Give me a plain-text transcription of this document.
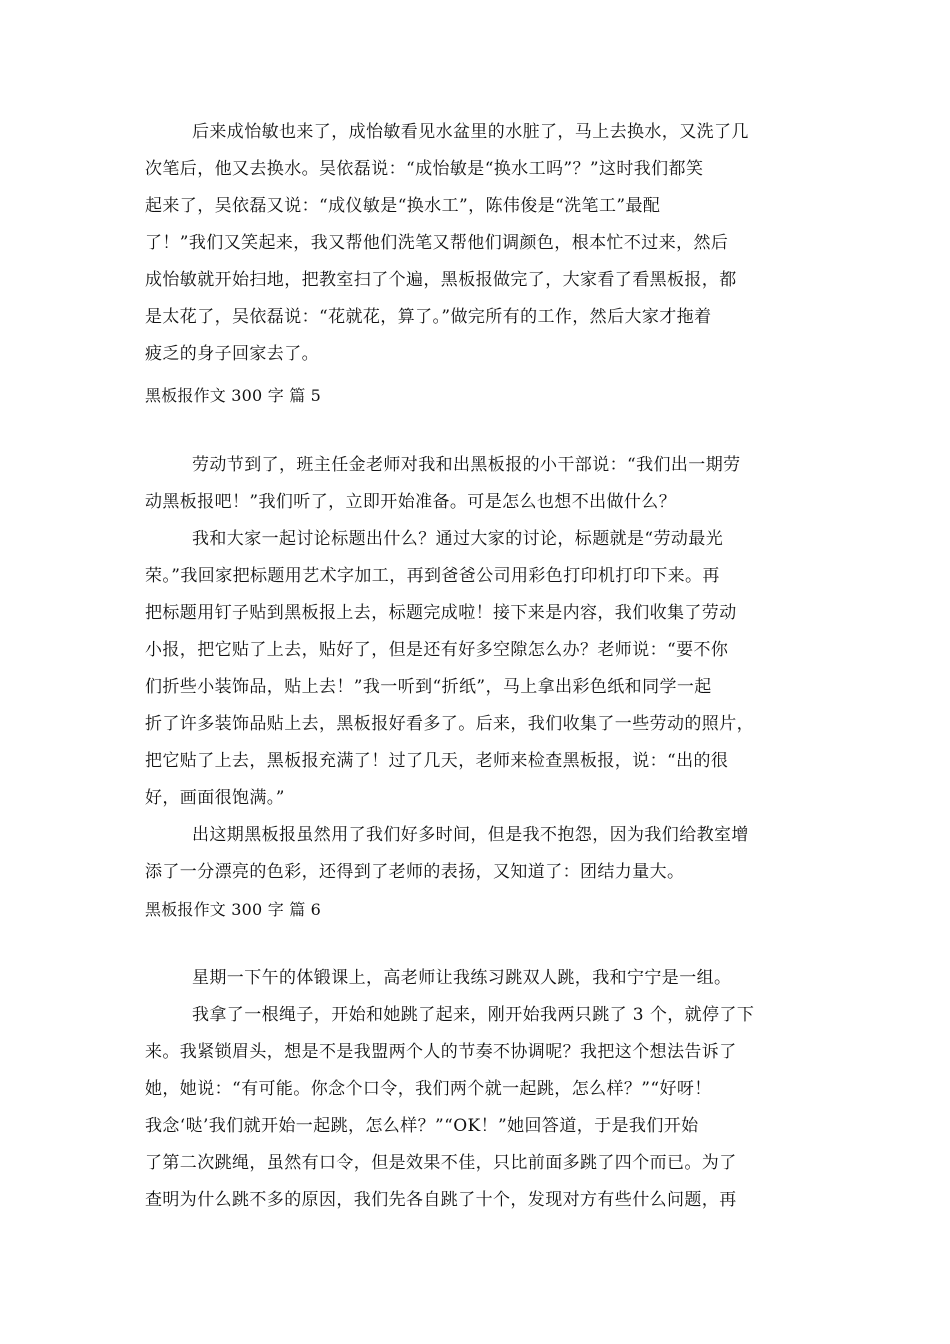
后来成怡敏也来了，成怡敏看见水盆里的水脏了，马上去换水，又洗了几
次笔后，他又去换水。吴依磊说：“成怡敏是“换水工吗”？”这时我们都笑
起来了，吴依磊又说：“成仪敏是“换水工”，陈伟俊是“洗笔工”最配
了！”我们又笑起来，我又帮他们洗笔又帮他们调颜色，根本忙不过来，然后
成怡敏就开始扫地，把教室扫了个遍，黑板报做完了，大家看了看黑板报，都
是太花了，吴依磊说：“花就花，算了。”做完所有的工作，然后大家才拖着
疲乏的身子回家去了。
黑板报作文 300 字 篇 5
劳动节到了，班主任金老师对我和出黑板报的小干部说：“我们出一期劳
动黑板报吧！”我们听了，立即开始准备。可是怎么也想不出做什么？
我和大家一起讨论标题出什么？通过大家的讨论，标题就是“劳动最光
荣。”我回家把标题用艺术字加工，再到爸爸公司用彩色打印机打印下来。再
把标题用钉子贴到黑板报上去，标题完成啦！接下来是内容，我们收集了劳动
小报，把它贴了上去，贴好了，但是还有好多空隙怎么办？老师说：“要不你
们折些小装饰品，贴上去！”我一听到“折纸”，马上拿出彩色纸和同学一起
折了许多装饰品贴上去，黑板报好看多了。后来，我们收集了一些劳动的照片，
把它贴了上去，黑板报充满了！过了几天，老师来检查黑板报，说：“出的很
好，画面很饱满。”
出这期黑板报虽然用了我们好多时间，但是我不抱怨，因为我们给教室增
添了一分漂亮的色彩，还得到了老师的表扬，又知道了：团结力量大。
黑板报作文 300 字 篇 6
星期一下午的体锻课上，高老师让我练习跳双人跳，我和宁宁是一组。
我拿了一根绳子，开始和她跳了起来，刚开始我两只跳了 3 个，就停了下
来。我紧锁眉头，想是不是我盟两个人的节奏不协调呢？我把这个想法告诉了
她，她说：“有可能。你念个口令，我们两个就一起跳，怎么样？”“好呀！
我念‘哒’我们就开始一起跳，怎么样？”“OK！”她回答道，于是我们开始
了第二次跳绳，虽然有口令，但是效果不佳，只比前面多跳了四个而已。为了
查明为什么跳不多的原因，我们先各自跳了十个，发现对方有些什么问题，再
